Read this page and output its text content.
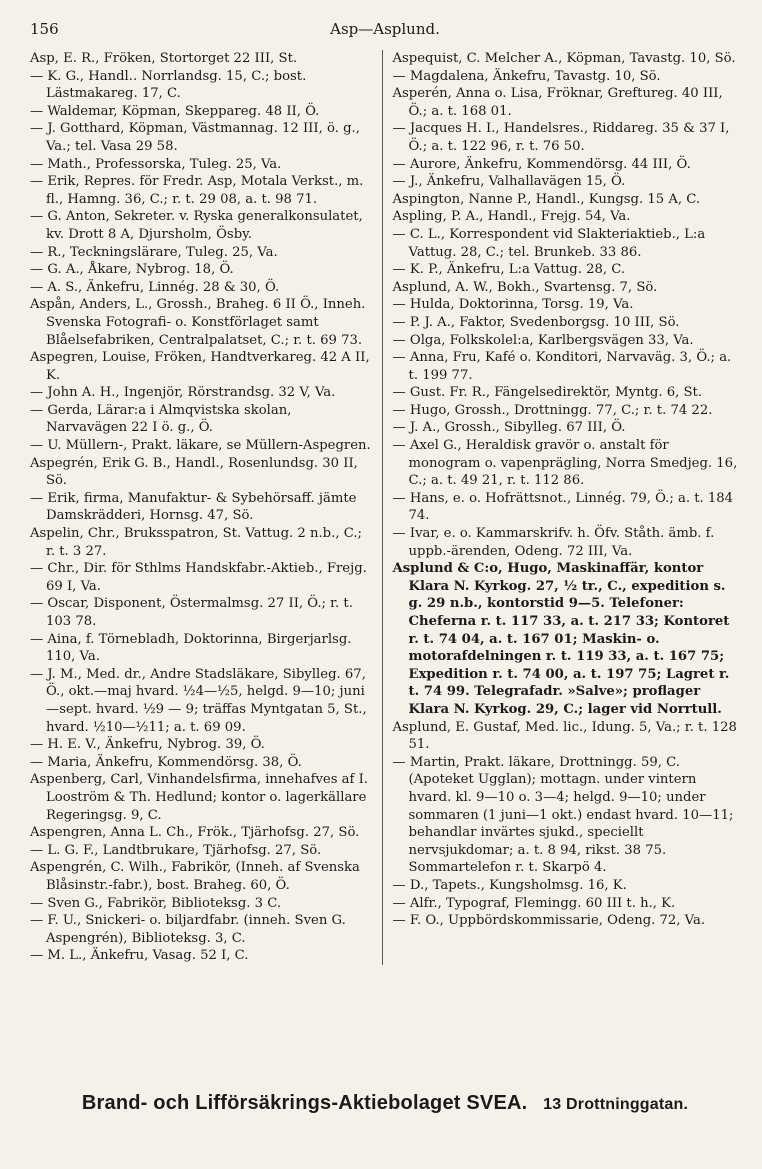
156	Asp—Asplund.

Asp, E. R., Fröken, Stortorget 22 III, St.

— K. G., Handl.. Norrlandsg. 15, C.; bost. Lästmakareg. 17, C.

— Waldemar, Köpman, Skeppareg. 48 II, Ö.

— J. Gotthard, Köpman, Västmannag. 12 III, ö. g., Va.; tel. Vasa 29 58.

— Math., Professorska, Tuleg. 25, Va.

— Erik, Repres. för Fredr. Asp, Motala Verkst., m. fl., Hamng. 36, C.; r. t. 29 08, a. t. 98 71.

— G. Anton, Sekreter. v. Ryska generalkonsulatet, kv. Drott 8 A, Djursholm, Ösby.

— R., Teckningslärare, Tuleg. 25, Va.

— G. A., Åkare, Nybrog. 18, Ö.

— A. S., Änkefru, Linnég. 28 & 30, Ö.

Aspån, Anders, L., Grossh., Braheg. 6 II Ö., Inneh. Svenska Fotografi- o. Konstförlaget samt Blåelsefabriken, Centralpalatset, C.; r. t. 69 73.

Aspegren, Louise, Fröken, Handtverkareg. 42 A II, K.

— John A. H., Ingenjör, Rörstrandsg. 32 V, Va.

— Gerda, Lärar:a i Almqvistska skolan, Narvavägen 22 I ö. g., Ö.

— U. Müllern-, Prakt. läkare, se Müllern-Aspegren.

Aspegrén, Erik G. B., Handl., Rosenlundsg. 30 II, Sö.

— Erik, firma, Manufaktur- & Sybehörsaff. jämte Damskrädderi, Hornsg. 47, Sö.

Aspelin, Chr., Bruksspatron, St. Vattug. 2 n.b., C.; r. t. 3 27.

— Chr., Dir. för Sthlms Handskfabr.-Aktieb., Frejg. 69 I, Va.

— Oscar, Disponent, Östermalmsg. 27 II, Ö.; r. t. 103 78.

— Aina, f. Törnebladh, Doktorinna, Birgerjarlsg. 110, Va.

— J. M., Med. dr., Andre Stadsläkare, Sibylleg. 67, Ö., okt.—maj hvard. ½4—½5, helgd. 9—10; juni—sept. hvard. ½9 — 9; träffas Myntgatan 5, St., hvard. ½10—½11; a. t. 69 09.

— H. E. V., Änkefru, Nybrog. 39, Ö.

— Maria, Änkefru, Kommendörsg. 38, Ö.

Aspenberg, Carl, Vinhandelsfirma, innehafves af I. Looström & Th. Hedlund; kontor o. lagerkällare Regeringsg. 9, C.

Aspengren, Anna L. Ch., Frök., Tjärhofsg. 27, Sö.

— L. G. F., Landtbrukare, Tjärhofsg. 27, Sö.

Aspengrén, C. Wilh., Fabrikör, (Inneh. af Svenska Blåsinstr.-fabr.), bost. Braheg. 60, Ö.

— Sven G., Fabrikör, Biblioteksg. 3 C.

— F. U., Snickeri- o. biljardfabr. (inneh. Sven G. Aspengrén), Biblioteksg. 3, C.

— M. L., Änkefru, Vasag. 52 I, C.

Aspequist, C. Melcher A., Köpman, Tavastg. 10, Sö.

— Magdalena, Änkefru, Tavastg. 10, Sö.

Asperén, Anna o. Lisa, Fröknar, Greftureg. 40 III, Ö.; a. t. 168 01.

— Jacques H. I., Handelsres., Riddareg. 35 & 37 I, Ö.; a. t. 122 96, r. t. 76 50.

— Aurore, Änkefru, Kommendörsg. 44 III, Ö.

— J., Änkefru, Valhallavägen 15, Ö.

Aspington, Nanne P., Handl., Kungsg. 15 A, C.

Aspling, P. A., Handl., Frejg. 54, Va.

— C. L., Korrespondent vid Slakteriaktieb., L:a Vattug. 28, C.; tel. Brunkeb. 33 86.

— K. P., Änkefru, L:a Vattug. 28, C.

Asplund, A. W., Bokh., Svartensg. 7, Sö.

— Hulda, Doktorinna, Torsg. 19, Va.

— P. J. A., Faktor, Svedenborgsg. 10 III, Sö.

— Olga, Folkskolel:a, Karlbergsvägen 33, Va.

— Anna, Fru, Kafé o. Konditori, Narvaväg. 3, Ö.; a. t. 199 77.

— Gust. Fr. R., Fängelsedirektör, Myntg. 6, St.

— Hugo, Grossh., Drottningg. 77, C.; r. t. 74 22.

— J. A., Grossh., Sibylleg. 67 III, Ö.

— Axel G., Heraldisk gravör o. anstalt för monogram o. vapenprägling, Norra Smedjeg. 16, C.; a. t. 49 21, r. t. 112 86.

— Hans, e. o. Hofrättsnot., Linnég. 79, Ö.; a. t. 184 74.

— Ivar, e. o. Kammarskrifv. h. Öfv. Ståth. ämb. f. uppb.-ärenden, Odeng. 72 III, Va.

Asplund & C:o, Hugo, Maskinaffär, kontor Klara N. Kyrkog. 27, ½ tr., C., expedition s. g. 29 n.b., kontorstid 9—5. Telefoner: Cheferna r. t. 117 33, a. t. 217 33; Kontoret r. t. 74 04, a. t. 167 01; Maskin- o. motorafdelningen r. t. 119 33, a. t. 167 75; Expedition r. t. 74 00, a. t. 197 75; Lagret r. t. 74 99. Telegrafadr. »Salve»; proflager Klara N. Kyrkog. 29, C.; lager vid Norrtull.

Asplund, E. Gustaf, Med. lic., Idung. 5, Va.; r. t. 128 51.

— Martin, Prakt. läkare, Drottningg. 59, C. (Apoteket Ugglan); mottagn. under vintern hvard. kl. 9—10 o. 3—4; helgd. 9—10; under sommaren (1 juni—1 okt.) endast hvard. 10—11; behandlar invärtes sjukd., speciellt nervsjukdomar; a. t. 8 94, rikst. 38 75. Sommartelefon r. t. Skarpö 4.

— D., Tapets., Kungsholmsg. 16, K.

— Alfr., Typograf, Flemingg. 60 III t. h., K.

— F. O., Uppbördskommissarie, Odeng. 72, Va.

Brand- och Lifförsäkrings-Aktiebolaget SVEA. 13 Drottninggatan.
